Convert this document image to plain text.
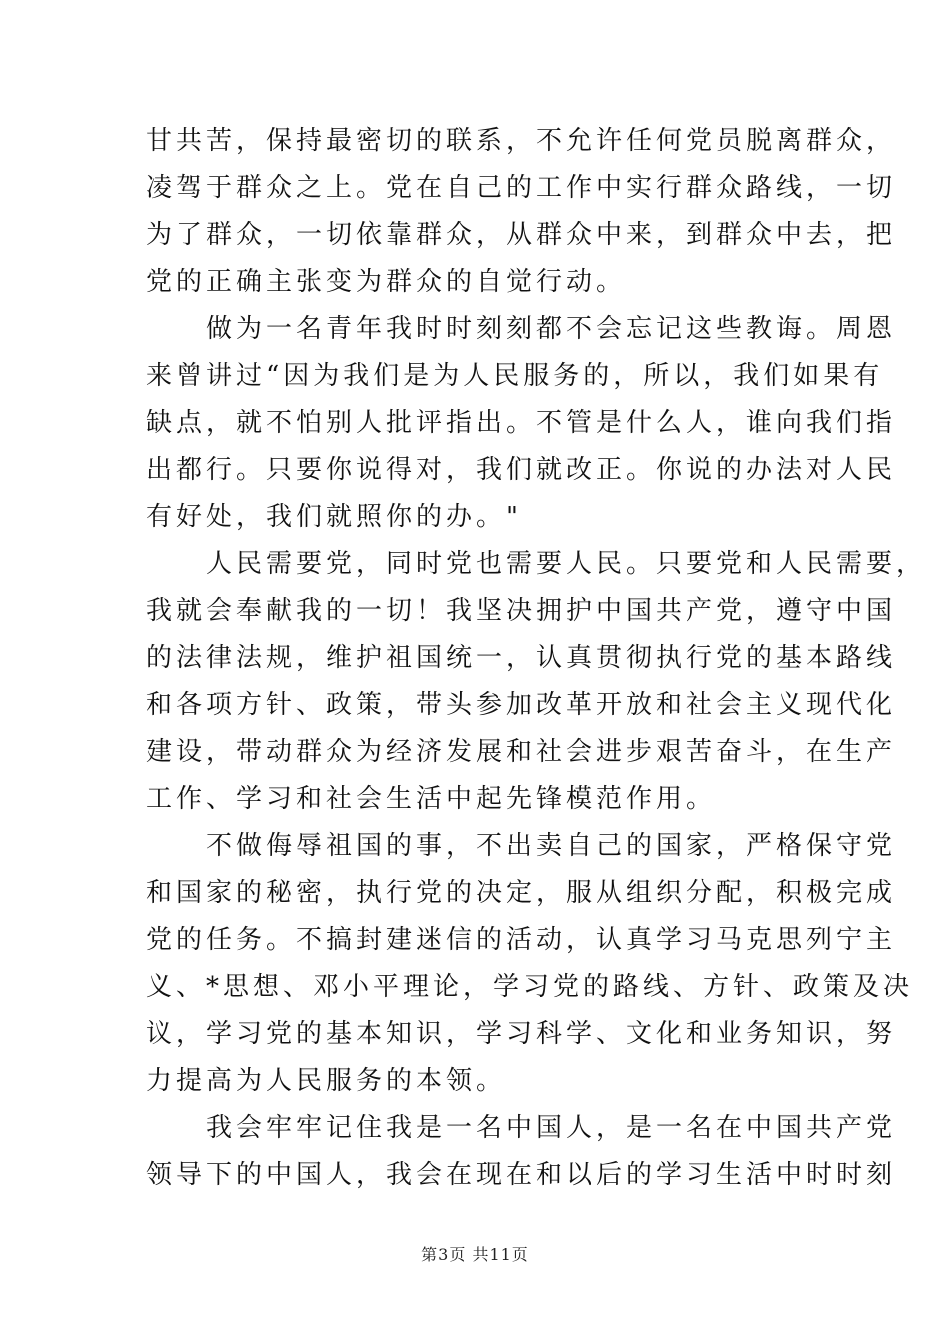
甘共苦，保持最密切的联系，不允许任何党员脱离群众，
凌驾于群众之上。党在自己的工作中实行群众路线，一切
为了群众，一切依靠群众，从群众中来，到群众中去，把
党的正确主张变为群众的自觉行动。
做为一名青年我时时刻刻都不会忘记这些教诲。周恩
来曾讲过“因为我们是为人民服务的，所以，我们如果有
缺点，就不怕别人批评指出。不管是什么人，谁向我们指
出都行。只要你说得对，我们就改正。你说的办法对人民
有好处，我们就照你的办。"
人民需要党，同时党也需要人民。只要党和人民需要，
我就会奉献我的一切！我坚决拥护中国共产党，遵守中国
的法律法规，维护祖国统一，认真贯彻执行党的基本路线
和各项方针、政策，带头参加改革开放和社会主义现代化
建设，带动群众为经济发展和社会进步艰苦奋斗，在生产
工作、学习和社会生活中起先锋模范作用。
不做侮辱祖国的事，不出卖自己的国家，严格保守党
和国家的秘密，执行党的决定，服从组织分配，积极完成
党的任务。不搞封建迷信的活动，认真学习马克思列宁主
义、*思想、邓小平理论，学习党的路线、方针、政策及决
议，学习党的基本知识，学习科学、文化和业务知识，努
力提高为人民服务的本领。
我会牢牢记住我是一名中国人，是一名在中国共产党
领导下的中国人，我会在现在和以后的学习生活中时时刻
第3页 共11页
